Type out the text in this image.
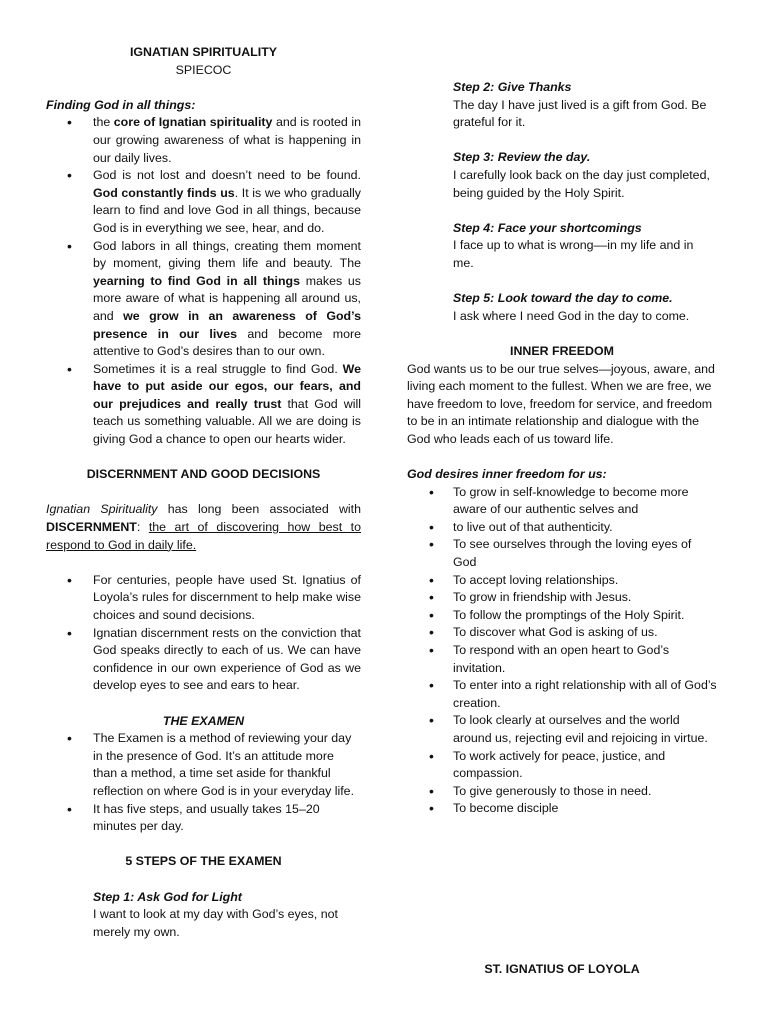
IGNATIAN SPIRITUALITY
SPIECOC
Finding God in all things:
• the core of Ignatian spirituality and is rooted in our growing awareness of what is happening in our daily lives.
• God is not lost and doesn’t need to be found. God constantly finds us. It is we who gradually learn to find and love God in all things, because God is in everything we see, hear, and do.
• God labors in all things, creating them moment by moment, giving them life and beauty. The yearning to find God in all things makes us more aware of what is happening all around us, and we grow in an awareness of God’s presence in our lives and become more attentive to God’s desires than to our own.
• Sometimes it is a real struggle to find God. We have to put aside our egos, our fears, and our prejudices and really trust that God will teach us something valuable. All we are doing is giving God a chance to open our hearts wider.
DISCERNMENT AND GOOD DECISIONS

Ignatian Spirituality has long been associated with DISCERNMENT: the art of discovering how best to respond to God in daily life.

• For centuries, people have used St. Ignatius of Loyola’s rules for discernment to help make wise choices and sound decisions.
• Ignatian discernment rests on the conviction that God speaks directly to each of us. We can have confidence in our own experience of God as we develop eyes to see and ears to hear.
THE EXAMEN
• The Examen is a method of reviewing your day in the presence of God. It’s an attitude more than a method, a time set aside for thankful reflection on where God is in your everyday life.
• It has five steps, and usually takes 15–20 minutes per day.
5 STEPS OF THE EXAMEN
Step 1: Ask God for Light
I want to look at my day with God’s eyes, not merely my own.
Step 2: Give Thanks
The day I have just lived is a gift from God. Be grateful for it.
Step 3: Review the day.
I carefully look back on the day just completed, being guided by the Holy Spirit.
Step 4: Face your shortcomings
I face up to what is wrong––in my life and in me.
Step 5: Look toward the day to come.
I ask where I need God in the day to come.
INNER FREEDOM

God wants us to be our true selves—joyous, aware, and living each moment to the fullest. When we are free, we have freedom to love, freedom for service, and freedom to be in an intimate relationship and dialogue with the God who leads each of us toward life.

God desires inner freedom for us:
• To grow in self-knowledge to become more aware of our authentic selves and
• to live out of that authenticity.
• To see ourselves through the loving eyes of God
• To accept loving relationships.
• To grow in friendship with Jesus.
• To follow the promptings of the Holy Spirit.
• To discover what God is asking of us.
• To respond with an open heart to God’s invitation.
• To enter into a right relationship with all of God’s creation.
• To look clearly at ourselves and the world around us, rejecting evil and rejoicing in virtue.
• To work actively for peace, justice, and compassion.
• To give generously to those in need.
• To become disciple
ST. IGNATIUS OF LOYOLA
